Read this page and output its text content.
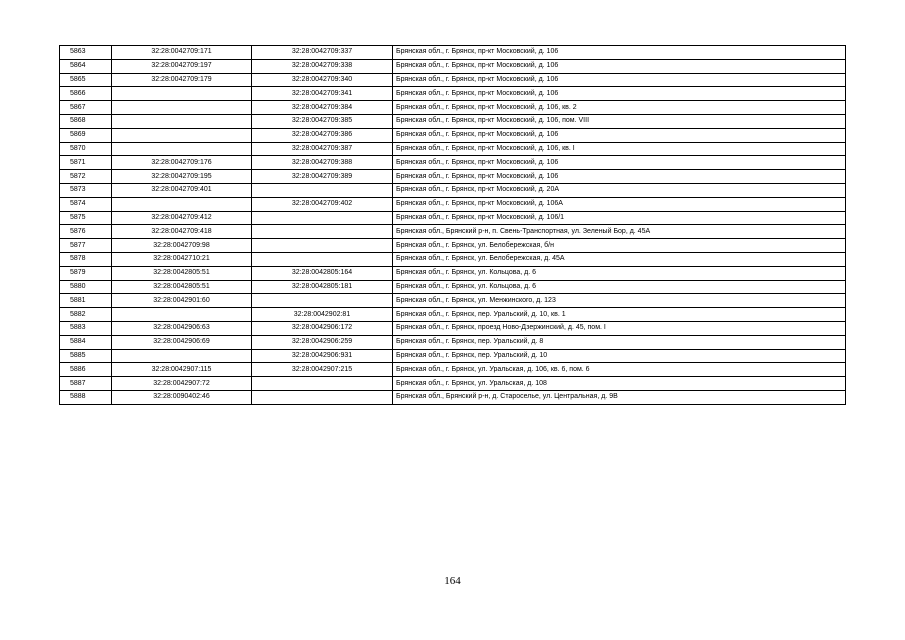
5863	32:28:0042709:171	32:28:0042709:337	Брянская обл., г. Брянск, пр-кт Московский, д. 106
5864	32:28:0042709:197	32:28:0042709:338	Брянская обл., г. Брянск, пр-кт Московский, д. 106
5865	32:28:0042709:179	32:28:0042709:340	Брянская обл., г. Брянск, пр-кт Московский, д. 106
5866		32:28:0042709:341	Брянская обл., г. Брянск, пр-кт Московский, д. 106
5867		32:28:0042709:384	Брянская обл., г. Брянск, пр-кт Московский, д. 106, кв. 2
5868		32:28:0042709:385	Брянская обл., г. Брянск, пр-кт Московский, д. 106, пом. VIII
5869		32:28:0042709:386	Брянская обл., г. Брянск, пр-кт Московский, д. 106
5870		32:28:0042709:387	Брянская обл., г. Брянск, пр-кт Московский, д. 106, кв. I
5871	32:28:0042709:176	32:28:0042709:388	Брянская обл., г. Брянск, пр-кт Московский, д. 106
5872	32:28:0042709:195	32:28:0042709:389	Брянская обл., г. Брянск, пр-кт Московский, д. 106
5873	32:28:0042709:401		Брянская обл., г. Брянск, пр-кт Московский, д. 20А
5874		32:28:0042709:402	Брянская обл., г. Брянск, пр-кт Московский, д. 106А
5875	32:28:0042709:412		Брянская обл., г. Брянск, пр-кт Московский, д. 106/1
5876	32:28:0042709:418		Брянская обл., Брянский р-н, п. Свень-Транспортная, ул. Зеленый Бор, д. 45А
5877	32:28:0042709:98		Брянская обл., г. Брянск, ул. Белобережская, б/н
5878	32:28:0042710:21		Брянская обл., г. Брянск, ул. Белобережская, д. 45А
5879	32:28:0042805:51	32:28:0042805:164	Брянская обл., г. Брянск, ул. Кольцова, д. 6
5880	32:28:0042805:51	32:28:0042805:181	Брянская обл., г. Брянск, ул. Кольцова, д. 6
5881	32:28:0042901:60		Брянская обл., г. Брянск, ул. Менжинского, д. 123
5882		32:28:0042902:81	Брянская обл., г. Брянск, пер. Уральский, д. 10, кв. 1
5883	32:28:0042906:63	32:28:0042906:172	Брянская обл., г. Брянск, проезд Ново-Дзержинский, д. 45, пом. I
5884	32:28:0042906:69	32:28:0042906:259	Брянская обл., г. Брянск, пер. Уральский, д. 8
5885		32:28:0042906:931	Брянская обл., г. Брянск, пер. Уральский, д. 10
5886	32:28:0042907:115	32:28:0042907:215	Брянская обл., г. Брянск, ул. Уральская, д. 106, кв. 6, пом. 6
5887	32:28:0042907:72		Брянская обл., г. Брянск, ул. Уральская, д. 108
5888	32:28:0090402:46		Брянская обл., Брянский р-н, д. Староселье, ул. Центральная, д. 9В
164
